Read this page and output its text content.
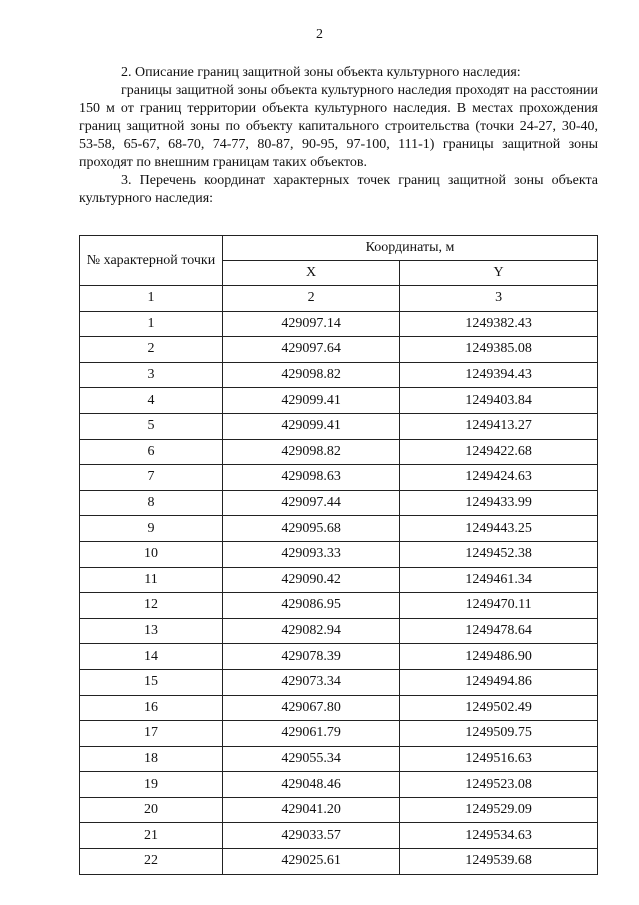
2

2. Описание границ защитной зоны объекта культурного наследия:

границы защитной зоны объекта культурного наследия проходят на расстоянии 150 м от границ территории объекта культурного наследия. В местах прохождения границ защитной зоны по объекту капитального строительства (точки 24-27, 30-40, 53-58, 65-67, 68-70, 74-77, 80-87, 90-95, 97-100, 111-1) границы защитной зоны проходят по внешним границам таких объектов.

3. Перечень координат характерных точек границ защитной зоны объекта культурного наследия:

№ характерной точки	Координаты, м	
	X	Y
1	2	3
1	429097.14	1249382.43
2	429097.64	1249385.08
3	429098.82	1249394.43
4	429099.41	1249403.84
5	429099.41	1249413.27
6	429098.82	1249422.68
7	429098.63	1249424.63
8	429097.44	1249433.99
9	429095.68	1249443.25
10	429093.33	1249452.38
11	429090.42	1249461.34
12	429086.95	1249470.11
13	429082.94	1249478.64
14	429078.39	1249486.90
15	429073.34	1249494.86
16	429067.80	1249502.49
17	429061.79	1249509.75
18	429055.34	1249516.63
19	429048.46	1249523.08
20	429041.20	1249529.09
21	429033.57	1249534.63
22	429025.61	1249539.68
